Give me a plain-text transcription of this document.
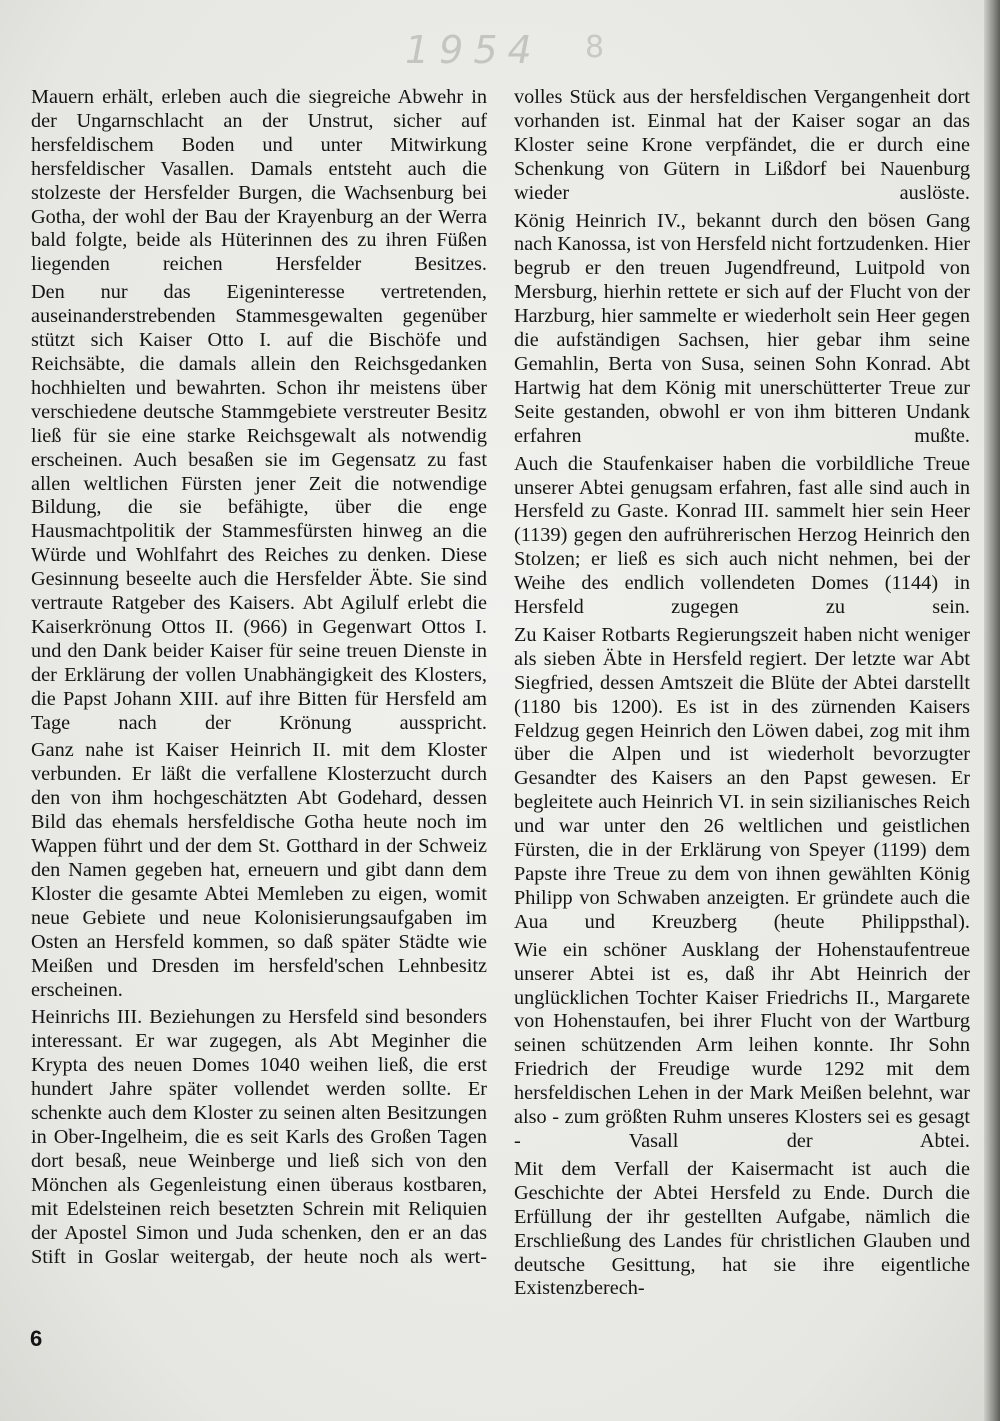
1954 8

Mauern erhält, erleben auch die siegreiche Abwehr in der Ungarnschlacht an der Unstrut, sicher auf hersfeldischem Boden und unter Mitwirkung hersfeldischer Vasallen. Damals entsteht auch die stolzeste der Hersfelder Burgen, die Wachsenburg bei Gotha, der wohl der Bau der Krayenburg an der Werra bald folgte, beide als Hüterinnen des zu ihren Füßen liegenden reichen Hersfelder Besitzes.

Den nur das Eigeninteresse vertretenden, auseinanderstrebenden Stammesgewalten gegenüber stützt sich Kaiser Otto I. auf die Bischöfe und Reichsäbte, die damals allein den Reichsgedanken hochhielten und bewahrten. Schon ihr meistens über verschiedene deutsche Stammgebiete verstreuter Besitz ließ für sie eine starke Reichsgewalt als notwendig erscheinen. Auch besaßen sie im Gegensatz zu fast allen weltlichen Fürsten jener Zeit die notwendige Bildung, die sie befähigte, über die enge Hausmachtpolitik der Stammesfürsten hinweg an die Würde und Wohlfahrt des Reiches zu denken. Diese Gesinnung beseelte auch die Hersfelder Äbte. Sie sind vertraute Ratgeber des Kaisers. Abt Agilulf erlebt die Kaiserkrönung Ottos II. (966) in Gegenwart Ottos I. und den Dank beider Kaiser für seine treuen Dienste in der Erklärung der vollen Unabhängigkeit des Klosters, die Papst Johann XIII. auf ihre Bitten für Hersfeld am Tage nach der Krönung ausspricht.

Ganz nahe ist Kaiser Heinrich II. mit dem Kloster verbunden. Er läßt die verfallene Klosterzucht durch den von ihm hochgeschätzten Abt Godehard, dessen Bild das ehemals hersfeldische Gotha heute noch im Wappen führt und der dem St. Gotthard in der Schweiz den Namen gegeben hat, erneuern und gibt dann dem Kloster die gesamte Abtei Memleben zu eigen, womit neue Gebiete und neue Kolonisierungsaufgaben im Osten an Hersfeld kommen, so daß später Städte wie Meißen und Dresden im hersfeld'schen Lehnbesitz erscheinen.

Heinrichs III. Beziehungen zu Hersfeld sind besonders interessant. Er war zugegen, als Abt Meginher die Krypta des neuen Domes 1040 weihen ließ, die erst hundert Jahre später vollendet werden sollte. Er schenkte auch dem Kloster zu seinen alten Besitzungen in Ober-Ingelheim, die es seit Karls des Großen Tagen dort besaß, neue Weinberge und ließ sich von den Mönchen als Gegenleistung einen überaus kostbaren, mit Edelsteinen reich besetzten Schrein mit Reliquien der Apostel Simon und Juda schenken, den er an das Stift in Goslar weitergab, der heute noch als wert-

volles Stück aus der hersfeldischen Vergangenheit dort vorhanden ist. Einmal hat der Kaiser sogar an das Kloster seine Krone verpfändet, die er durch eine Schenkung von Gütern in Lißdorf bei Nauenburg wieder auslöste.

König Heinrich IV., bekannt durch den bösen Gang nach Kanossa, ist von Hersfeld nicht fortzudenken. Hier begrub er den treuen Jugendfreund, Luitpold von Mersburg, hierhin rettete er sich auf der Flucht von der Harzburg, hier sammelte er wiederholt sein Heer gegen die aufständigen Sachsen, hier gebar ihm seine Gemahlin, Berta von Susa, seinen Sohn Konrad. Abt Hartwig hat dem König mit unerschütterter Treue zur Seite gestanden, obwohl er von ihm bitteren Undank erfahren mußte.

Auch die Staufenkaiser haben die vorbildliche Treue unserer Abtei genugsam erfahren, fast alle sind auch in Hersfeld zu Gaste. Konrad III. sammelt hier sein Heer (1139) gegen den aufrührerischen Herzog Heinrich den Stolzen; er ließ es sich auch nicht nehmen, bei der Weihe des endlich vollendeten Domes (1144) in Hersfeld zugegen zu sein.

Zu Kaiser Rotbarts Regierungszeit haben nicht weniger als sieben Äbte in Hersfeld regiert. Der letzte war Abt Siegfried, dessen Amtszeit die Blüte der Abtei darstellt (1180 bis 1200). Es ist in des zürnenden Kaisers Feldzug gegen Heinrich den Löwen dabei, zog mit ihm über die Alpen und ist wiederholt bevorzugter Gesandter des Kaisers an den Papst gewesen. Er begleitete auch Heinrich VI. in sein sizilianisches Reich und war unter den 26 weltlichen und geistlichen Fürsten, die in der Erklärung von Speyer (1199) dem Papste ihre Treue zu dem von ihnen gewählten König Philipp von Schwaben anzeigten. Er gründete auch die Aua und Kreuzberg (heute Philippsthal).

Wie ein schöner Ausklang der Hohenstaufentreue unserer Abtei ist es, daß ihr Abt Heinrich der unglücklichen Tochter Kaiser Friedrichs II., Margarete von Hohenstaufen, bei ihrer Flucht von der Wartburg seinen schützenden Arm leihen konnte. Ihr Sohn Friedrich der Freudige wurde 1292 mit dem hersfeldischen Lehen in der Mark Meißen belehnt, war also - zum größten Ruhm unseres Klosters sei es gesagt - Vasall der Abtei.

Mit dem Verfall der Kaisermacht ist auch die Geschichte der Abtei Hersfeld zu Ende. Durch die Erfüllung der ihr gestellten Aufgabe, nämlich die Erschließung des Landes für christlichen Glauben und deutsche Gesittung, hat sie ihre eigentliche Existenzberech-

6
